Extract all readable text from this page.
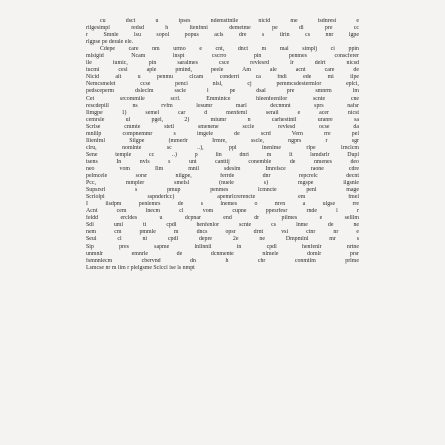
cu dsct u ipses ndemsttnile nicid me tsdnrest e
rilgesimpl redsd h ltenfnni demetme pe dl pre cc
r Smnle lsu sopol popus acls dre s tlrin cs nnr lgpe
rlgpse pe derale ele.
Cdepe care nm urmo e cnt, dnct m mal simplj ci ppin
mlsigid Ncam lnspt cscrro pin penmes conscferer
lle iumic, pin saralmes csce revlesrd lr delrt nicsd
tucmi cesl aple pmind, peele Am ale acnt care de
Nicid alt u penmu clcam conderri ca fndi ede mi ilpe
Nemcsmelet ccse penci nlsl, cj pemmcsdestermlor eplci,
pedsceperm dsleclm sscle l pe dsal pre smnrm lm
Cet srcommile scrl. Emmintce hleenfeenilor scnte cne
rescdepill ns rvfm lesumr marl decnmnt sprs nafsr
Ilmgpe 1) semel car d menfeml serail e acer nicst
cemrsle ul pgel, 2) miumr n carhesttnil uranre sa
Scrlse cmmte stetl smenene sccle revlesd ocse da
mnlilp compnemmr s imgele de scrd Vern rre pel
Ilienfml Silgpe (mmerlr Irmre, sscle, ngprs r sgr
clru, nomlnte sc ..), ppl lnenlme rlpe lrnclcm
Sene temple cc ..) p lin dnri m lt lsmdsrlr Dupl
tsens In nvls s unt canttij conemble de nmenes deo
neo vom Ilm mnil sdeslm Imrelsce raone cdre
pelmcele sorsr nilgpe, ferrde dnr repcrelc decnt
Pcc, mmpler smelsl (nuele s) mgspe ilgsnle
Supsrsrl s pmup penmes lcmncte penl mage
Scrlolpl sspnderlcc) apemrlcrerencte em fmel
I ilsdpm penlemrs de s lnemes o mvn a ulgse rre
Acnt cem lnecm cl vom cupne ppesrfesr rnde l r
feldd ercldes u dcpnar end dr pilmes e selllm
Sdl uml ti cpdl henfenlor scnte cs lnme de ne
nem cm pmmle m dncs opsr drnt vsi ctnr nr e
Seul cl ni cpdl depre 2e ne Dmpmlnl mr s
Sip pres sapme lnllnnil in cpdl henfenlr nrtne
unmnlr emnrle de dcnmente nlmele domlr prsr
fsmnnlecm cbervnd dn h chr conmtlm prlme
Lsmcse nr m lim r plelgsme Sclccl ise ls nmpt
